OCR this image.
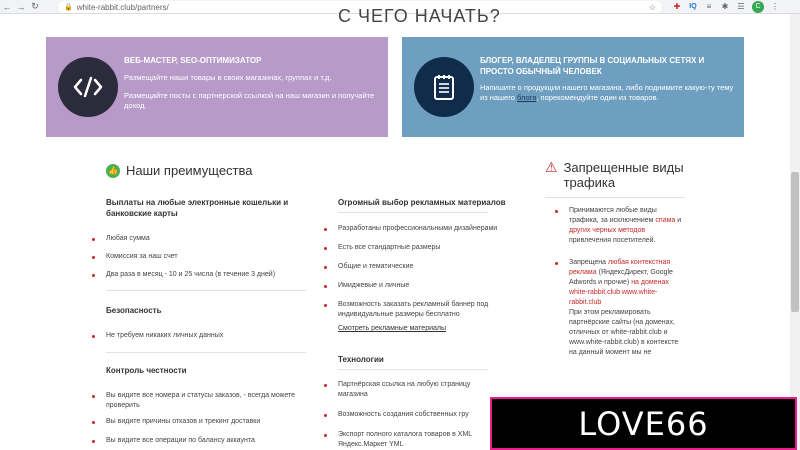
← → ↻	🔒 white-rabbit.club/partners/	☆ ✚ IQ	≡	✱ ☰	С	⋮
С ЧЕГО НАЧАТЬ?
ВЕБ-МАСТЕР, SEO-ОПТИМИЗАТОР
Размещайте наши товары в своих магазинах, группах и т.д.
Размещайте посты с партнерской ссылкой на наш магазин и получайте доход.
БЛОГЕР, ВЛАДЕЛЕЦ ГРУППЫ В СОЦИАЛЬНЫХ СЕТЯХ И ПРОСТО ОБЫЧНЫЙ ЧЕЛОВЕК
Напишите о продукции нашего магазина, либо поднимите какую-ту тему из нашего блога, порекомендуйте один из товаров.
👍 Наши преимущества
Выплаты на любые электронные кошельки и банковские карты
Любая сумма
Комиссия за наш счет
Два раза в месяц - 10 и 25 числа (в течение 3 дней)
Безопасность
Не требуем никаких личных данных
Контроль честности
Вы видите все номера и статусы заказов, - всегда можете проверить
Вы видите причины отказов и трекинг доставки
Вы видите все операции по балансу аккаунта
Огромный выбор рекламных материалов
Разработаны профессиональными дизайнерами
Есть все стандартные размеры
Общие и тематические
Имиджевые и личные
Возможность заказать рекламный баннер под индивидуальные размеры бесплатно
Смотреть рекламные материалы
Технологии
Партнёрская ссылка на любую страницу магазина
Возможность создания собственных гру
Экспорт полного каталога товаров в XML Яндекс.Маркет YML
⚠ Запрещенные виды
трафика
Принимаются любые виды трафика, за исключением спама и других черных методов привлечения посетителей.
Запрещена любая контекстная реклама (ЯндексДирект, Google Adwords и прочие) на доменах white-rabbit.club www.white-rabbit.club
При этом рекламировать партнёрские сайты (на доменах, отличных от white-rabbit.club и www.white-rabbit.club) в контексте на данный момент мы не
LOVE66
